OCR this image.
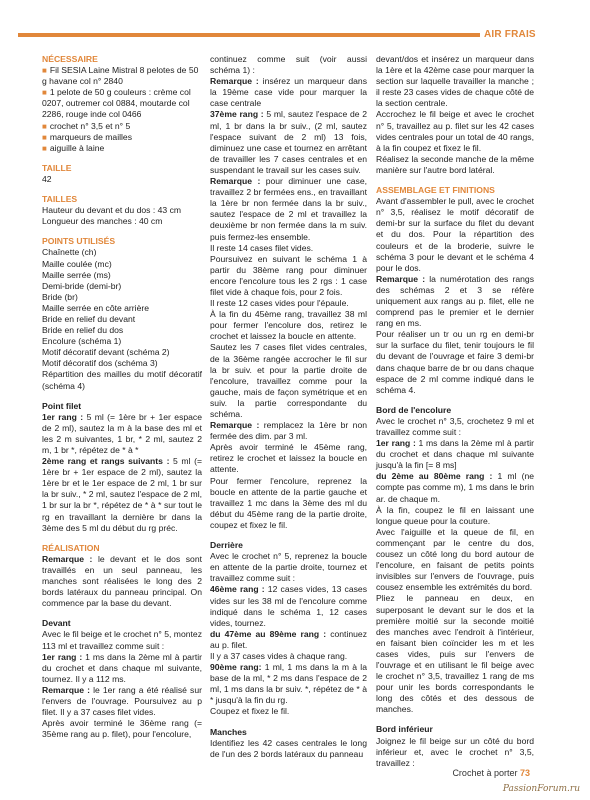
AIR FRAIS

NÉCESSAIRE

■ Fil SESIA Laine Mistral 8 pelotes de 50 g havane col n° 2840

■ 1 pelote de 50 g couleurs : crème col 0207, outremer col 0884, moutarde col 2286, rouge inde col 0466

■ crochet n° 3,5 et n° 5

■ marqueurs de mailles

■ aiguille à laine

TAILLE

42

TAILLES

Hauteur du devant et du dos : 43 cm

Longueur des manches : 40 cm

POINTS UTILISÉS

Chaînette (ch)

Maille coulée (mc)

Maille serrée (ms)

Demi-bride (demi-br)

Bride (br)

Maille serrée en côte arrière

Bride en relief du devant

Bride en relief du dos

Encolure (schéma 1)

Motif décoratif devant (schéma 2)

Motif décoratif dos (schéma 3)

Répartition des mailles du motif décoratif (schéma 4)

Point filet

1er rang : 5 ml (= 1ère br + 1er espace de 2 ml), sautez la m à la base des ml et les 2 m suivantes, 1 br, * 2 ml, sautez 2 m, 1 br *, répétez de * à *

2ème rang et rangs suivants : 5 ml (= 1ère br + 1er espace de 2 ml), sautez la 1ère br et le 1er espace de 2 ml, 1 br sur la br suiv., * 2 ml, sautez l'espace de 2 ml, 1 br sur la br *, répétez de * à * sur tout le rg en travaillant la dernière br dans la 3ème des 5 ml du début du rg préc.

RÉALISATION

Remarque : le devant et le dos sont travaillés en un seul panneau, les manches sont réalisées le long des 2 bords latéraux du panneau principal. On commence par la base du devant.

Devant

Avec le fil beige et le crochet n° 5, montez 113 ml et travaillez comme suit :

1er rang : 1 ms dans la 2ème ml à partir du crochet et dans chaque ml suivante, tournez. Il y a 112 ms.

Remarque : le 1er rang a été réalisé sur l'envers de l'ouvrage. Poursuivez au p filet. Il y a 37 cases filet vides.

Après avoir terminé le 36ème rang (= 35ème rang au p. filet), pour l'encolure,

continuez comme suit (voir aussi schéma 1) :

Remarque : insérez un marqueur dans la 19ème case vide pour marquer la case centrale

37ème rang : 5 ml, sautez l'espace de 2 ml, 1 br dans la br suiv., (2 ml, sautez l'espace suivant de 2 ml) 13 fois, diminuez une case et tournez en arrêtant de travailler les 7 cases centrales et en suspendant le travail sur les cases suiv.

Remarque : pour diminuer une case, travaillez 2 br fermées ens., en travaillant la 1ère br non fermée dans la br suiv., sautez l'espace de 2 ml et travaillez la deuxième br non fermée dans la m suiv. puis fermez-les ensemble.

Il reste 14 cases filet vides.

Poursuivez en suivant le schéma 1 à partir du 38ème rang pour diminuer encore l'encolure tous les 2 rgs : 1 case filet vide à chaque fois, pour 2 fois.

Il reste 12 cases vides pour l'épaule.

À la fin du 45ème rang, travaillez 38 ml pour fermer l'encolure dos, retirez le crochet et laissez la boucle en attente.

Sautez les 7 cases filet vides centrales, de la 36ème rangée accrocher le fil sur la br suiv. et pour la partie droite de l'encolure, travaillez comme pour la gauche, mais de façon symétrique et en suiv. la partie correspondante du schéma.

Remarque : remplacez la 1ère br non fermée des dim. par 3 ml.

Après avoir terminé le 45ème rang, retirez le crochet et laissez la boucle en attente.

Pour fermer l'encolure, reprenez la boucle en attente de la partie gauche et travaillez 1 mc dans la 3ème des ml du début du 45ème rang de la partie droite, coupez et fixez le fil.

Derrière

Avec le crochet n° 5, reprenez la boucle en attente de la partie droite, tournez et travaillez comme suit :

46ème rang : 12 cases vides, 13 cases vides sur les 38 ml de l'encolure comme indiqué dans le schéma 1, 12 cases vides, tournez.

du 47ème au 89ème rang : continuez au p. filet.

Il y a 37 cases vides à chaque rang.

90ème rang: 1 ml, 1 ms dans la m à la base de la ml, * 2 ms dans l'espace de 2 ml, 1 ms dans la br suiv. *, répétez de * à * jusqu'à la fin du rg.

Coupez et fixez le fil.

Manches

Identifiez les 42 cases centrales le long de l'un des 2 bords latéraux du panneau

devant/dos et insérez un marqueur dans la 1ère et la 42ème case pour marquer la section sur laquelle travailler la manche ; il reste 23 cases vides de chaque côté de la section centrale.

Accrochez le fil beige et avec le crochet n° 5, travaillez au p. filet sur les 42 cases vides centrales pour un total de 40 rangs, à la fin coupez et fixez le fil.

Réalisez la seconde manche de la même manière sur l'autre bord latéral.

ASSEMBLAGE ET FINITIONS

Avant d'assembler le pull, avec le crochet n° 3,5, réalisez le motif décoratif de demi-br sur la surface du filet du devant et du dos. Pour la répartition des couleurs et de la broderie, suivre le schéma 3 pour le devant et le schéma 4 pour le dos.

Remarque : la numérotation des rangs des schémas 2 et 3 se réfère uniquement aux rangs au p. filet, elle ne comprend pas le premier et le dernier rang en ms.

Pour réaliser un tr ou un rg en demi-br sur la surface du filet, tenir toujours le fil du devant de l'ouvrage et faire 3 demi-br dans chaque barre de br ou dans chaque espace de 2 ml comme indiqué dans le schéma 4.

Bord de l'encolure

Avec le crochet n° 3,5, crochetez 9 ml et travaillez comme suit :

1er rang : 1 ms dans la 2ème ml à partir du crochet et dans chaque ml suivante jusqu'à la fin [= 8 ms]

du 2ème au 80ème rang : 1 ml (ne compte pas comme m), 1 ms dans le brin ar. de chaque m.

À la fin, coupez le fil en laissant une longue queue pour la couture.

Avec l'aiguille et la queue de fil, en commençant par le centre du dos, cousez un côté long du bord autour de l'encolure, en faisant de petits points invisibles sur l'envers de l'ouvrage, puis cousez ensemble les extrémités du bord.

Pliez le panneau en deux, en superposant le devant sur le dos et la première moitié sur la seconde moitié des manches avec l'endroit à l'intérieur, en faisant bien coïncider les m et les cases vides, puis sur l'envers de l'ouvrage et en utilisant le fil beige avec le crochet n° 3,5, travaillez 1 rang de ms pour unir les bords correspondants le long des côtés et des dessous de manches.

Bord inférieur

Joignez le fil beige sur un côté du bord inférieur et, avec le crochet n° 3,5, travaillez :

Crochet à porter 73
PassionForum.ru
